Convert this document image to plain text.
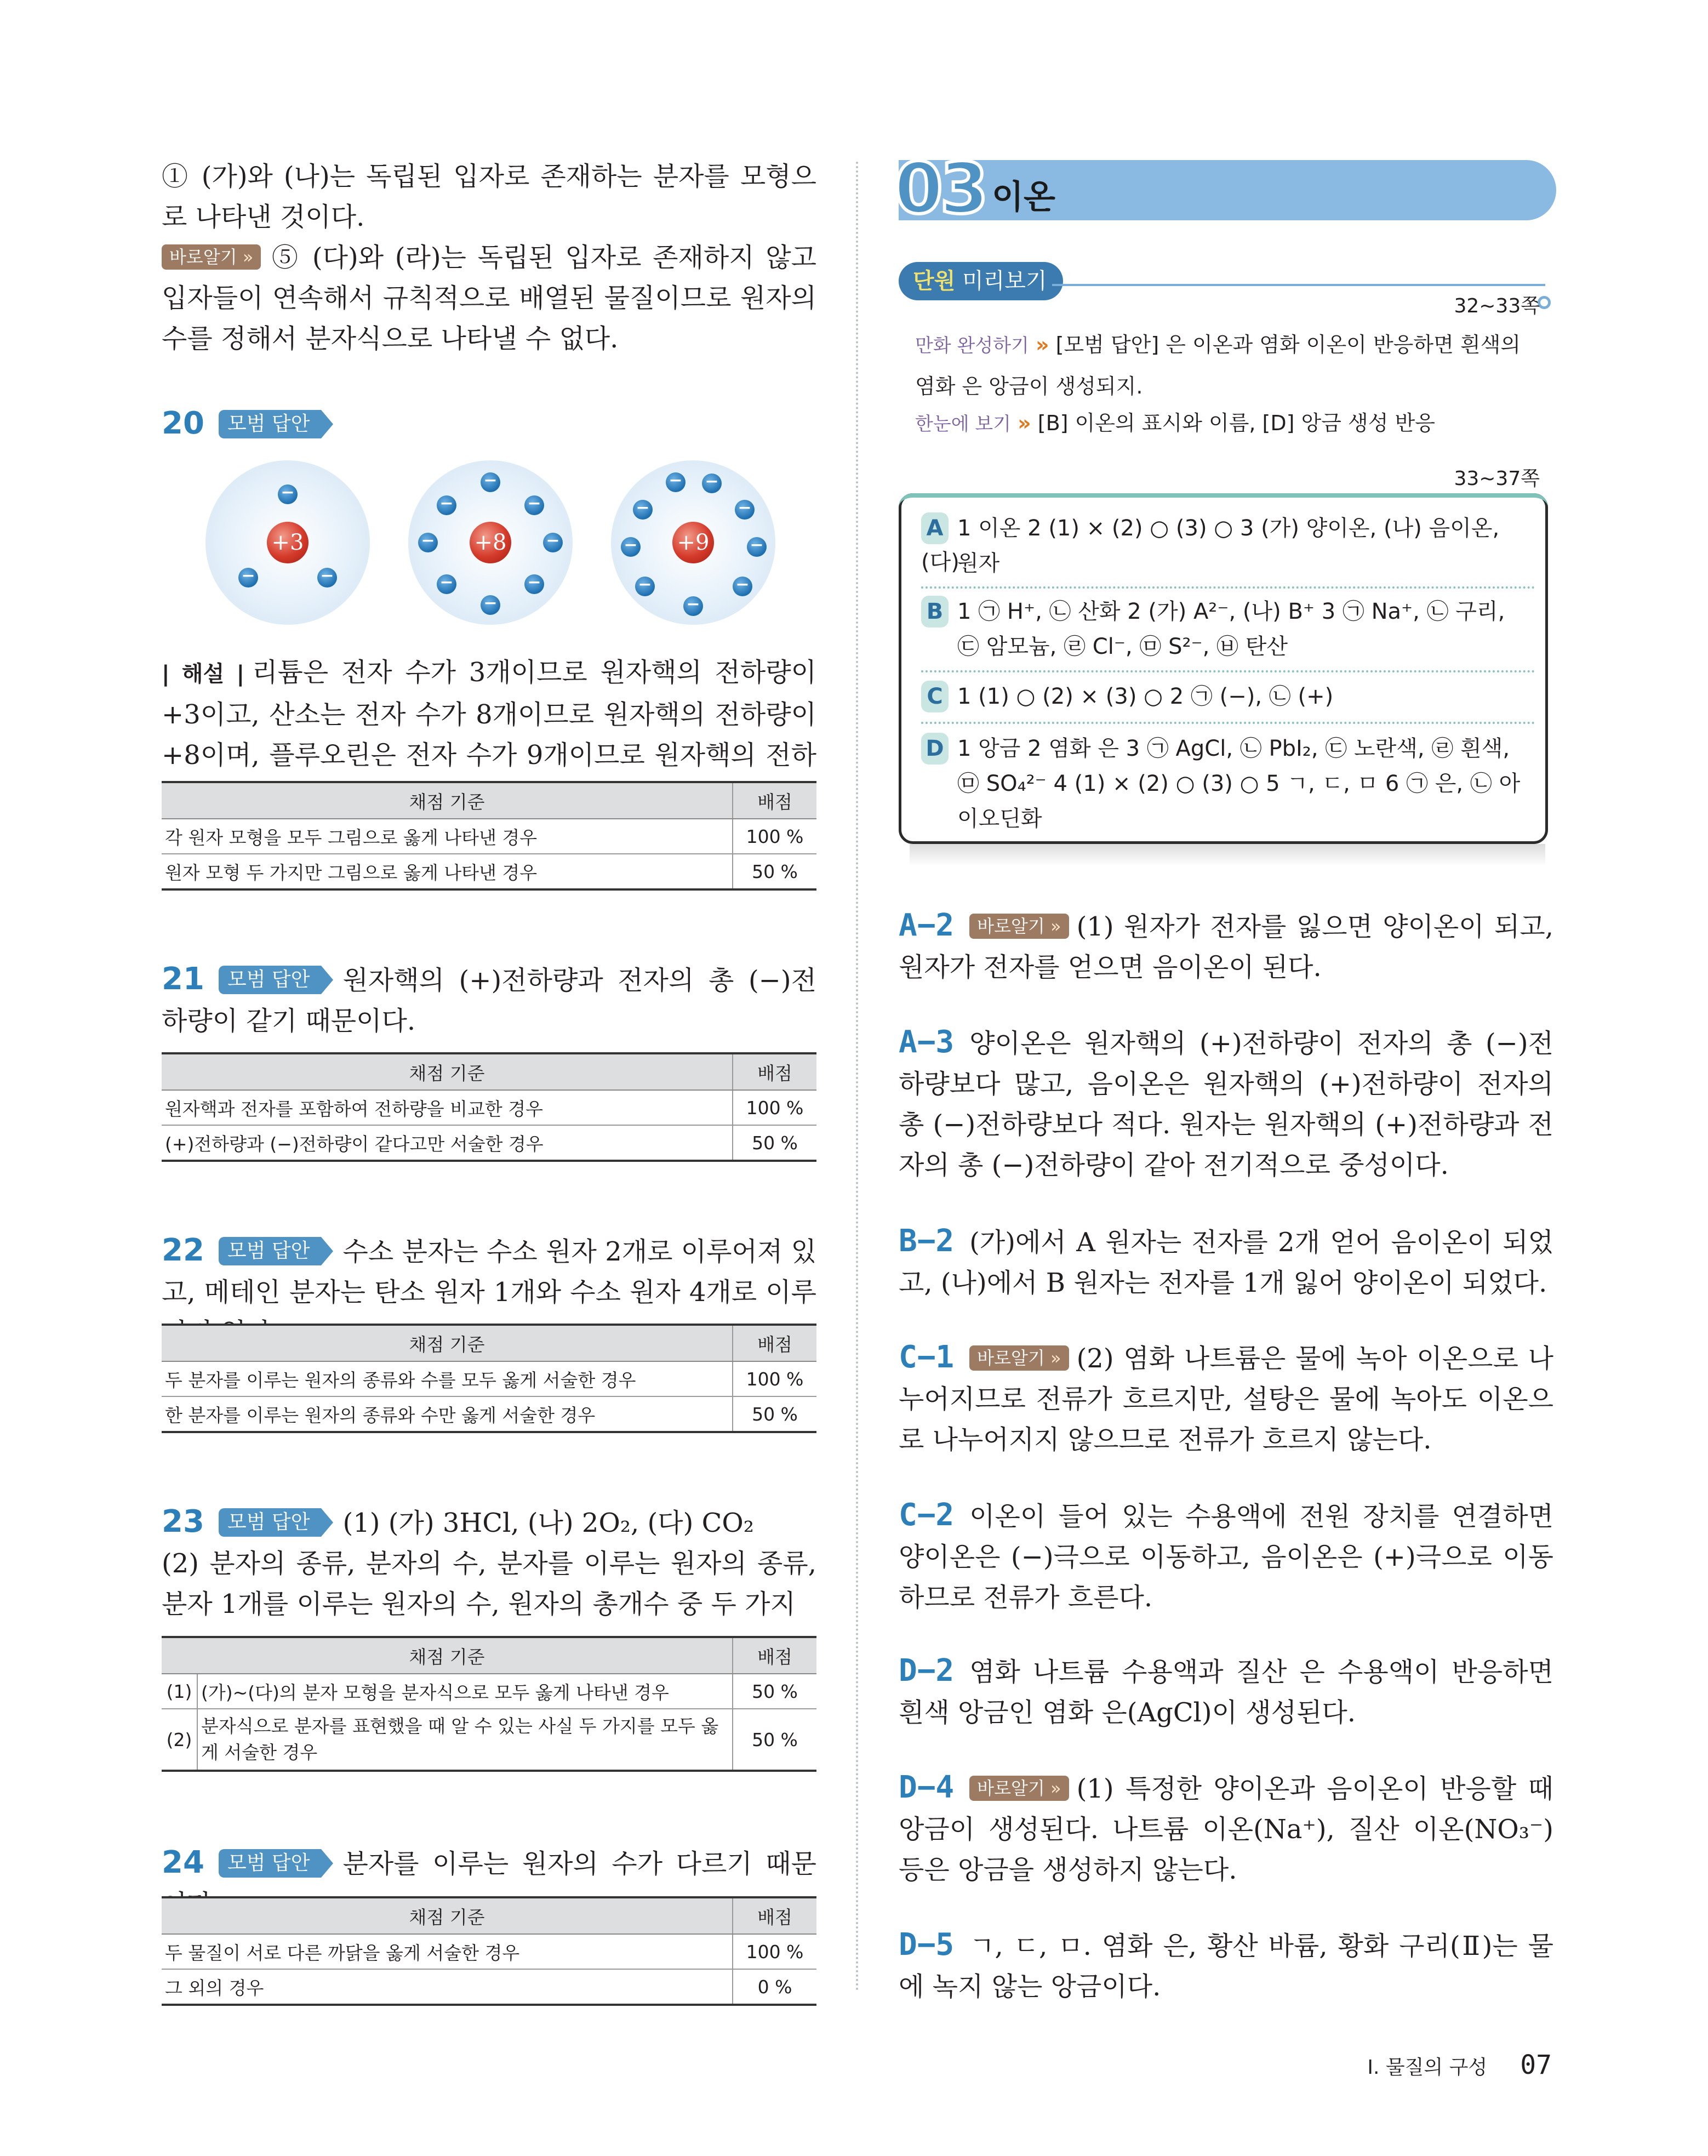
① (가)와 (나)는 독립된 입자로 존재하는 분자를 모형으로 나타낸 것이다.
바로알기 » ⑤ (다)와 (라)는 독립된 입자로 존재하지 않고 입자들이 연속해서 규칙적으로 배열된 물질이므로 원자의 수를 정해서 분자식으로 나타낼 수 없다.
20 모범 답안
+3
−
−	−
+8
−
−	−
−	−
−	−
−
+9
− −
−	−
−	−
−	−
−
| 해설 | 리튬은 전자 수가 3개이므로 원자핵의 전하량이 +3이고, 산소는 전자 수가 8개이므로 원자핵의 전하량이 +8이며, 플루오린은 전자 수가 9개이므로 원자핵의 전하
채점 기준	배점
각 원자 모형을 모두 그림으로 옳게 나타낸 경우	100 %
원자 모형 두 가지만 그림으로 옳게 나타낸 경우	50 %
21 모범 답안 원자핵의 (+)전하량과 전자의 총 (−)전하량이 같기 때문이다.
채점 기준	배점
원자핵과 전자를 포함하여 전하량을 비교한 경우	100 %
(+)전하량과 (−)전하량이 같다고만 서술한 경우	50 %
22 모범 답안 수소 분자는 수소 원자 2개로 이루어져 있고, 메테인 분자는 탄소 원자 1개와 수소 원자 4개로 이루
채점 기준	배점
두 분자를 이루는 원자의 종류와 수를 모두 옳게 서술한 경우	100 %
한 분자를 이루는 원자의 종류와 수만 옳게 서술한 경우	50 %
23 모범 답안 (1) (가) 3HCl, (나) 2O₂, (다) CO₂
(2) 분자의 종류, 분자의 수, 분자를 이루는 원자의 종류, 분자 1개를 이루는 원자의 수, 원자의 총개수 중 두 가지
채점 기준		배점
(1)	(가)~(다)의 분자 모형을 분자식으로 모두 옳게 나타낸 경우	50 %
(2)	분자식으로 분자를 표현했을 때 알 수 있는 사실 두 가지를 모두 옳게 서술한 경우	50 %
24 모범 답안 분자를 이루는 원자의 수가 다르기 때문
채점 기준	배점
두 물질이 서로 다른 까닭을 옳게 서술한 경우	100 %
그 외의 경우	0 %
03 이온
단원 미리보기
32~33쪽
만화 완성하기 » [모범 답안] 은 이온과 염화 이온이 반응하면 흰색의 염화 은 앙금이 생성되지.
한눈에 보기 » [B] 이온의 표시와 이름, [D] 앙금 생성 반응
33~37쪽
A 1 이온 2 (1) × (2) ○ (3) ○ 3 (가) 양이온, (나) 음이온, (다)
원자
B 1 ㉠ H⁺, ㉡ 산화 2 (가) A²⁻, (나) B⁺ 3 ㉠ Na⁺, ㉡ 구리,
㉢ 암모늄, ㉣ Cl⁻, ㉤ S²⁻, ㉥ 탄산
C 1 (1) ○ (2) × (3) ○ 2 ㉠ (−), ㉡ (+)
D 1 앙금 2 염화 은 3 ㉠ AgCl, ㉡ PbI₂, ㉢ 노란색, ㉣ 흰색,
㉤ SO₄²⁻ 4 (1) × (2) ○ (3) ○ 5 ㄱ, ㄷ, ㅁ 6 ㉠ 은, ㉡ 아
이오딘화
A−2 바로알기 » (1) 원자가 전자를 잃으면 양이온이 되고, 원자가 전자를 얻으면 음이온이 된다.
A−3 양이온은 원자핵의 (+)전하량이 전자의 총 (−)전하량보다 많고, 음이온은 원자핵의 (+)전하량이 전자의 총 (−)전하량보다 적다. 원자는 원자핵의 (+)전하량과 전자의 총 (−)전하량이 같아 전기적으로 중성이다.
B−2 (가)에서 A 원자는 전자를 2개 얻어 음이온이 되었고, (나)에서 B 원자는 전자를 1개 잃어 양이온이 되었다.
C−1 바로알기 » (2) 염화 나트륨은 물에 녹아 이온으로 나누어지므로 전류가 흐르지만, 설탕은 물에 녹아도 이온으로 나누어지지 않으므로 전류가 흐르지 않는다.
C−2 이온이 들어 있는 수용액에 전원 장치를 연결하면 양이온은 (−)극으로 이동하고, 음이온은 (+)극으로 이동하므로 전류가 흐른다.
D−2 염화 나트륨 수용액과 질산 은 수용액이 반응하면 흰색 앙금인 염화 은(AgCl)이 생성된다.
D−4 바로알기 » (1) 특정한 양이온과 음이온이 반응할 때 앙금이 생성된다. 나트륨 이온(Na⁺), 질산 이온(NO₃⁻) 등은 앙금을 생성하지 않는다.
D−5 ㄱ, ㄷ, ㅁ. 염화 은, 황산 바륨, 황화 구리(Ⅱ)는 물에 녹지 않는 앙금이다.
Ⅰ. 물질의 구성 07
